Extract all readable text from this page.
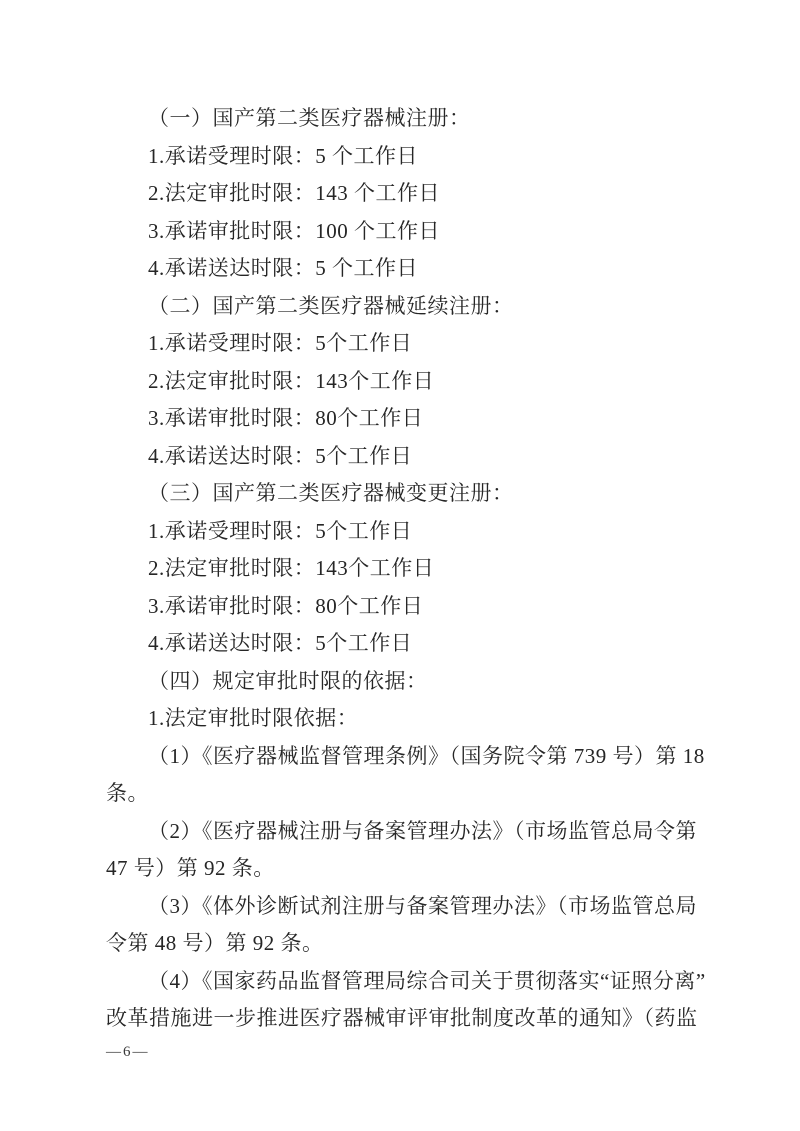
（一）国产第二类医疗器械注册：
1.承诺受理时限：5 个工作日
2.法定审批时限：143 个工作日
3.承诺审批时限：100 个工作日
4.承诺送达时限：5 个工作日
（二）国产第二类医疗器械延续注册：
1.承诺受理时限：5个工作日
2.法定审批时限：143个工作日
3.承诺审批时限：80个工作日
4.承诺送达时限：5个工作日
（三）国产第二类医疗器械变更注册：
1.承诺受理时限：5个工作日
2.法定审批时限：143个工作日
3.承诺审批时限：80个工作日
4.承诺送达时限：5个工作日
（四）规定审批时限的依据：
1.法定审批时限依据：
（1）《医疗器械监督管理条例》（国务院令第 739 号）第 18
条。
（2）《医疗器械注册与备案管理办法》（市场监管总局令第
47 号）第 92 条。
（3）《体外诊断试剂注册与备案管理办法》（市场监管总局
令第 48 号）第 92 条。
（4）《国家药品监督管理局综合司关于贯彻落实“证照分离”
改革措施进一步推进医疗器械审评审批制度改革的通知》（药监
—6—
